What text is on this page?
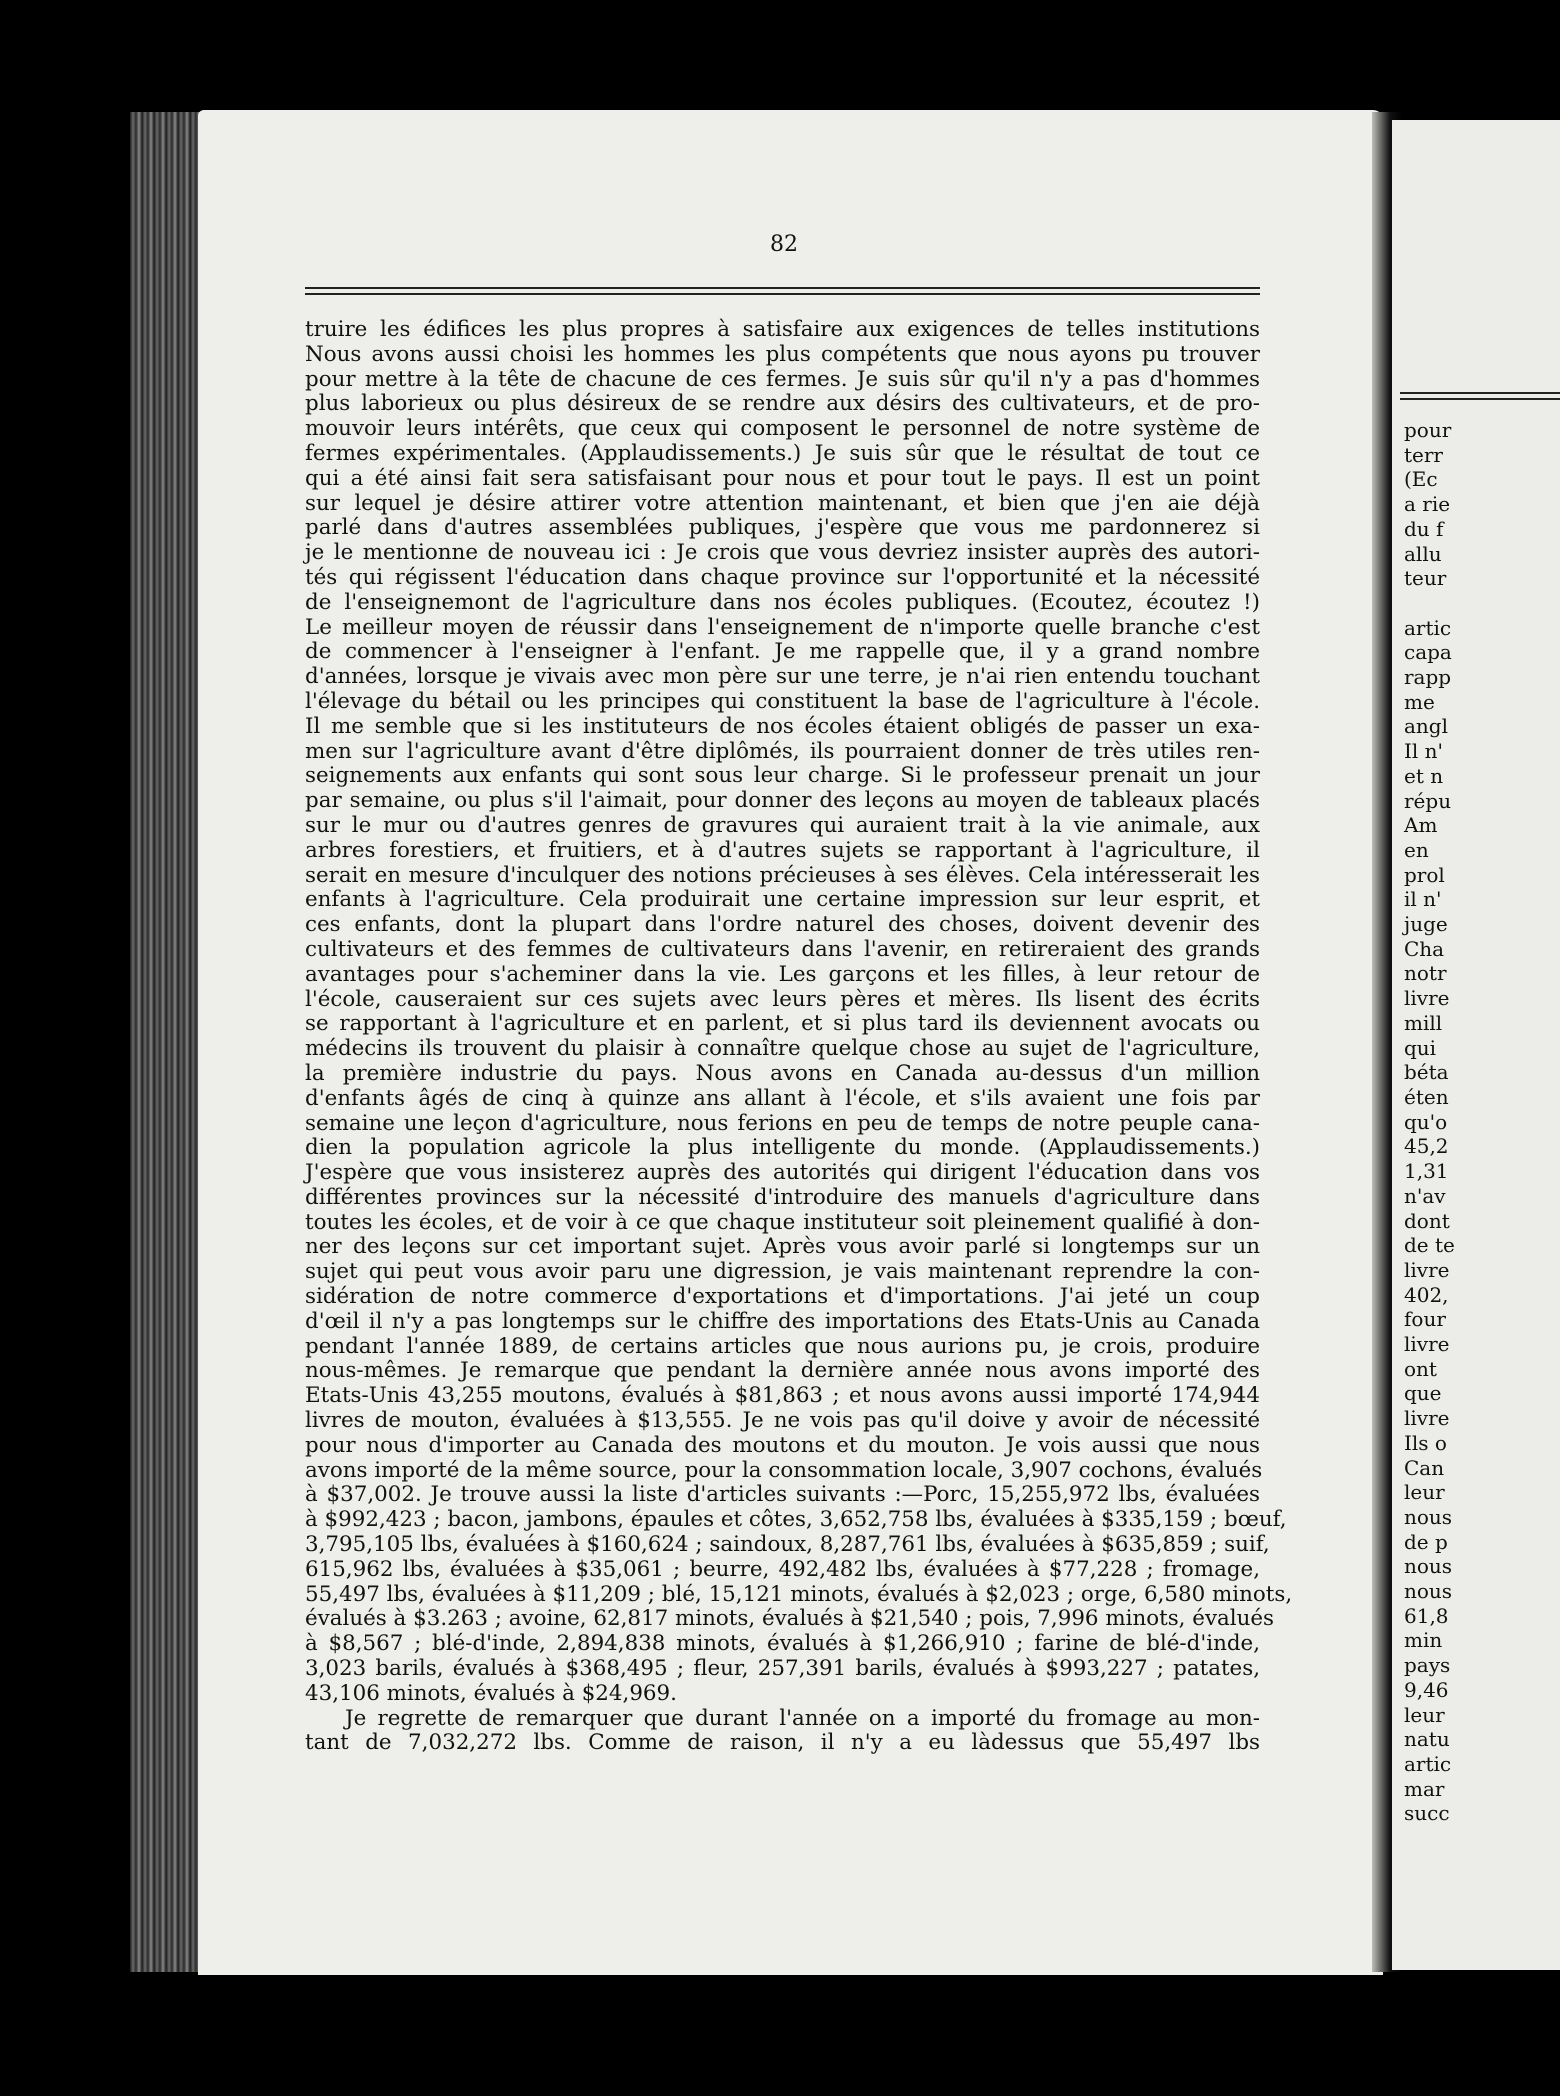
pour
terr
(Ec
a rie
du f
allu
teur

artic
capa
rapp
me
angl
Il n'
et n
répu
Am
en
prol
il n'
juge
Cha
notr
livre
mill
qui
béta
éten
qu'o
45,2
1,31
n'av
dont
de te
livre
402,
four
livre
ont
que
livre
Ils o
Can
leur
nous
de p
nous
nous
61,8
min
pays
9,46
leur
natu
artic
mar
succ
82
truire les édifices les plus propres à satisfaire aux exigences de telles institutions
Nous avons aussi choisi les hommes les plus compétents que nous ayons pu trouver
pour mettre à la tête de chacune de ces fermes. Je suis sûr qu'il n'y a pas d'hommes
plus laborieux ou plus désireux de se rendre aux désirs des cultivateurs, et de pro-
mouvoir leurs intérêts, que ceux qui composent le personnel de notre système de
fermes expérimentales. (Applaudissements.) Je suis sûr que le résultat de tout ce
qui a été ainsi fait sera satisfaisant pour nous et pour tout le pays. Il est un point
sur lequel je désire attirer votre attention maintenant, et bien que j'en aie déjà
parlé dans d'autres assemblées publiques, j'espère que vous me pardonnerez si
je le mentionne de nouveau ici : Je crois que vous devriez insister auprès des autori-
tés qui régissent l'éducation dans chaque province sur l'opportunité et la nécessité
de l'enseignemont de l'agriculture dans nos écoles publiques. (Ecoutez, écoutez !)
Le meilleur moyen de réussir dans l'enseignement de n'importe quelle branche c'est
de commencer à l'enseigner à l'enfant. Je me rappelle que, il y a grand nombre
d'années, lorsque je vivais avec mon père sur une terre, je n'ai rien entendu touchant
l'élevage du bétail ou les principes qui constituent la base de l'agriculture à l'école.
Il me semble que si les instituteurs de nos écoles étaient obligés de passer un exa-
men sur l'agriculture avant d'être diplômés, ils pourraient donner de très utiles ren-
seignements aux enfants qui sont sous leur charge. Si le professeur prenait un jour
par semaine, ou plus s'il l'aimait, pour donner des leçons au moyen de tableaux placés
sur le mur ou d'autres genres de gravures qui auraient trait à la vie animale, aux
arbres forestiers, et fruitiers, et à d'autres sujets se rapportant à l'agriculture, il
serait en mesure d'inculquer des notions précieuses à ses élèves. Cela intéresserait les
enfants à l'agriculture. Cela produirait une certaine impression sur leur esprit, et
ces enfants, dont la plupart dans l'ordre naturel des choses, doivent devenir des
cultivateurs et des femmes de cultivateurs dans l'avenir, en retireraient des grands
avantages pour s'acheminer dans la vie. Les garçons et les filles, à leur retour de
l'école, causeraient sur ces sujets avec leurs pères et mères. Ils lisent des écrits
se rapportant à l'agriculture et en parlent, et si plus tard ils deviennent avocats ou
médecins ils trouvent du plaisir à connaître quelque chose au sujet de l'agriculture,
la première industrie du pays. Nous avons en Canada au-dessus d'un million
d'enfants âgés de cinq à quinze ans allant à l'école, et s'ils avaient une fois par
semaine une leçon d'agriculture, nous ferions en peu de temps de notre peuple cana-
dien la population agricole la plus intelligente du monde. (Applaudissements.)
J'espère que vous insisterez auprès des autorités qui dirigent l'éducation dans vos
différentes provinces sur la nécessité d'introduire des manuels d'agriculture dans
toutes les écoles, et de voir à ce que chaque instituteur soit pleinement qualifié à don-
ner des leçons sur cet important sujet. Après vous avoir parlé si longtemps sur un
sujet qui peut vous avoir paru une digression, je vais maintenant reprendre la con-
sidération de notre commerce d'exportations et d'importations. J'ai jeté un coup
d'œil il n'y a pas longtemps sur le chiffre des importations des Etats-Unis au Canada
pendant l'année 1889, de certains articles que nous aurions pu, je crois, produire
nous-mêmes. Je remarque que pendant la dernière année nous avons importé des
Etats-Unis 43,255 moutons, évalués à $81,863 ; et nous avons aussi importé 174,944
livres de mouton, évaluées à $13,555. Je ne vois pas qu'il doive y avoir de nécessité
pour nous d'importer au Canada des moutons et du mouton. Je vois aussi que nous
avons importé de la même source, pour la consommation locale, 3,907 cochons, évalués
à $37,002. Je trouve aussi la liste d'articles suivants :—Porc, 15,255,972 lbs, évaluées
à $992,423 ; bacon, jambons, épaules et côtes, 3,652,758 lbs, évaluées à $335,159 ; bœuf,
3,795,105 lbs, évaluées à $160,624 ; saindoux, 8,287,761 lbs, évaluées à $635,859 ; suif,
615,962 lbs, évaluées à $35,061 ; beurre, 492,482 lbs, évaluées à $77,228 ; fromage,
55,497 lbs, évaluées à $11,209 ; blé, 15,121 minots, évalués à $2,023 ; orge, 6,580 minots,
évalués à $3.263 ; avoine, 62,817 minots, évalués à $21,540 ; pois, 7,996 minots, évalués
à $8,567 ; blé-d'inde, 2,894,838 minots, évalués à $1,266,910 ; farine de blé-d'inde,
3,023 barils, évalués à $368,495 ; fleur, 257,391 barils, évalués à $993,227 ; patates,
43,106 minots, évalués à $24,969.
Je regrette de remarquer que durant l'année on a importé du fromage au mon-
tant de 7,032,272 lbs. Comme de raison, il n'y a eu làdessus que 55,497 lbs
